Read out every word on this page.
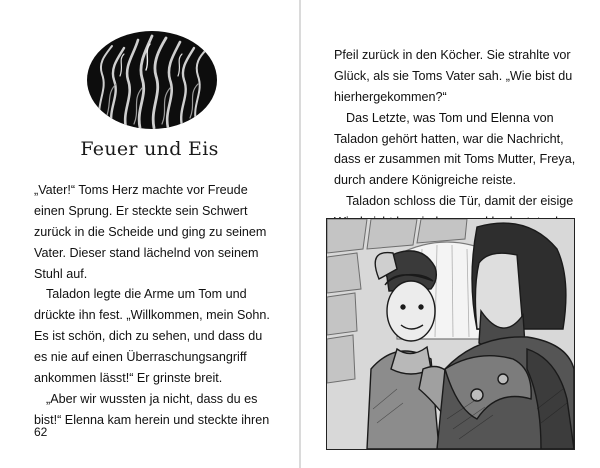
Feuer und Eis
„Vater!“ Toms Herz machte vor Freude
einen Sprung. Er steckte sein Schwert
zurück in die Scheide und ging zu seinem
Vater. Dieser stand lächelnd von seinem
Stuhl auf.
Taladon legte die Arme um Tom und
drückte ihn fest. „Willkommen, mein Sohn.
Es ist schön, dich zu sehen, und dass du
es nie auf einen Überraschungsangriff
ankommen lässt!“ Er grinste breit.
„Aber wir wussten ja nicht, dass du es
bist!“ Elenna kam herein und steckte ihren
62
Pfeil zurück in den Köcher. Sie strahlte vor
Glück, als sie Toms Vater sah. „Wie bist du
hierhergekommen?“
Das Letzte, was Tom und Elenna von
Taladon gehört hatten, war die Nachricht,
dass er zusammen mit Toms Mutter, Freya,
durch andere Königreiche reiste.
Taladon schloss die Tür, damit der eisige
